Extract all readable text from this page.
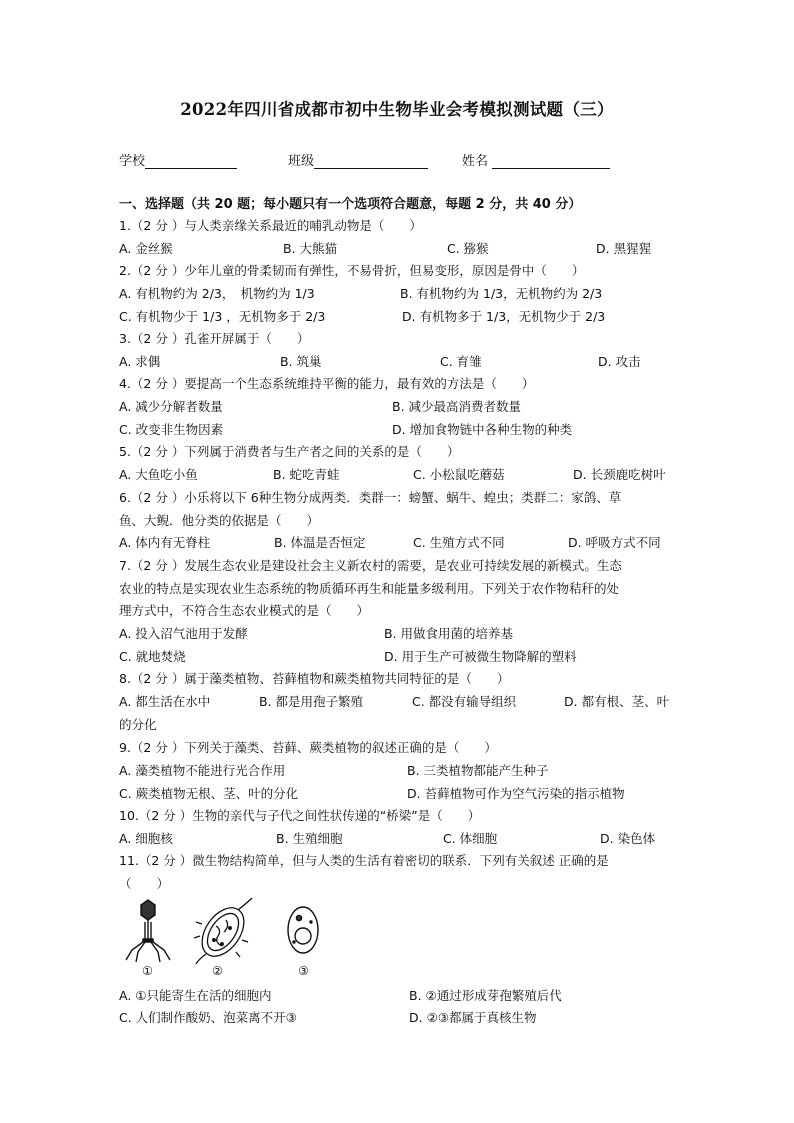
2022年四川省成都市初中生物毕业会考模拟测试题（三）
学校	班级	姓名
一、选择题（共 20 题；每小题只有一个选项符合题意，每题 2 分，共 40 分）
1.（2 分 ）与人类亲缘关系最近的哺乳动物是（　　）
A. 金丝猴	B. 大熊猫	C. 猕猴	D. 黑猩猩
2.（2 分 ）少年儿童的骨柔韧而有弹性，不易骨折，但易变形，原因是骨中（　　）
A. 有机物约为 2/3，　机物约为 1/3	B. 有机物约为 1/3，无机物约为 2/3
C. 有机物少于 1/3 ，无机物多于 2/3	D. 有机物多于 1/3，无机物少于 2/3
3.（2 分 ）孔雀开屏属于（　　）
A. 求偶	B. 筑巢	C. 育雏	D. 攻击
4.（2 分 ）要提高一个生态系统维持平衡的能力，最有效的方法是（　　）
A. 减少分解者数量	B. 减少最高消费者数量
C. 改变非生物因素	D. 增加食物链中各种生物的种类
5.（2 分 ）下列属于消费者与生产者之间的关系的是（　　）
A. 大鱼吃小鱼	B. 蛇吃青蛙	C. 小松鼠吃蘑菇	D. 长颈鹿吃树叶
6.（2 分 ）小乐将以下 6种生物分成两类．类群一：螃蟹、蜗牛、蝗虫；类群二：家鸽、草
鱼、大鲵．他分类的依据是（　　）
A. 体内有无脊柱	B. 体温是否恒定	C. 生殖方式不同	D. 呼吸方式不同
7.（2 分 ）发展生态农业是建设社会主义新农村的需要，是农业可持续发展的新模式。生态
农业的特点是实现农业生态系统的物质循环再生和能量多级利用。下列关于农作物秸秆的处
理方式中，不符合生态农业模式的是（　　）
A. 投入沼气池用于发酵	B. 用做食用菌的培养基
C. 就地焚烧	D. 用于生产可被微生物降解的塑料
8.（2 分 ）属于藻类植物、苔藓植物和蕨类植物共同特征的是（　　）
A. 都生活在水中	B. 都是用孢子繁殖	C. 都没有输导组织	D. 都有根、茎、叶
的分化
9.（2 分 ）下列关于藻类、苔藓、蕨类植物的叙述正确的是（　　）
A. 藻类植物不能进行光合作用	B. 三类植物都能产生种子
C. 蕨类植物无根、茎、叶的分化	D. 苔藓植物可作为空气污染的指示植物
10.（2 分 ）生物的亲代与子代之间性状传递的“桥梁”是（　　）
A. 细胞核	B. 生殖细胞	C. 体细胞	D. 染色体
11.（2 分 ）微生物结构简单，但与人类的生活有着密切的联系．下列有关叙述 正确的是
（　　）
①	②	③
A. ①只能寄生在活的细胞内	B. ②通过形成芽孢繁殖后代
C. 人们制作酸奶、泡菜离不开③	D. ②③都属于真核生物
